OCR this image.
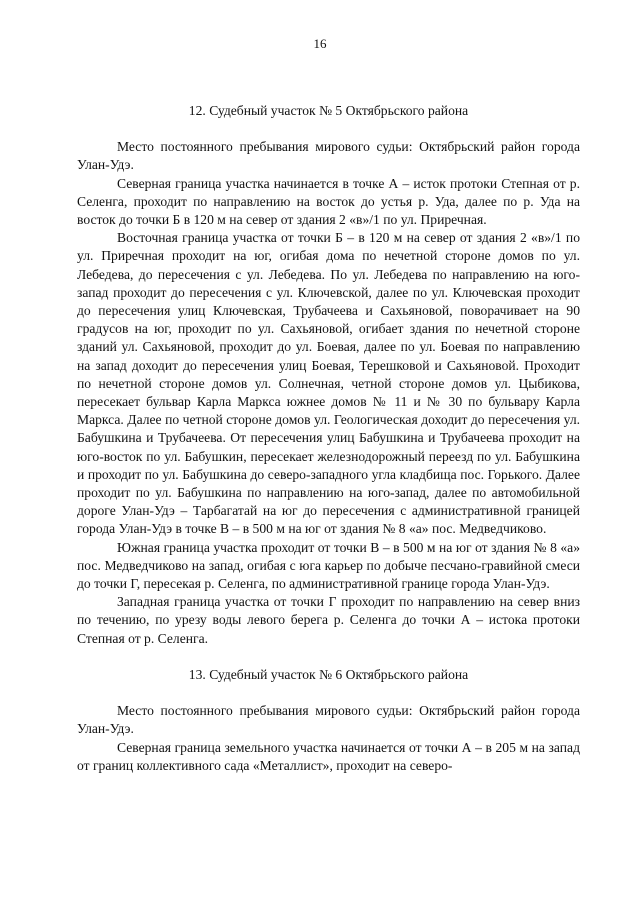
16
12. Судебный участок № 5 Октябрьского района

Место постоянного пребывания мирового судьи: Октябрьский район города Улан-Удэ.

Северная граница участка начинается в точке А – исток протоки Степная от р. Селенга, проходит по направлению на восток до устья р. Уда, далее по р. Уда на восток до точки Б в 120 м на север от здания 2 «в»/1 по ул. Приречная.

Восточная граница участка от точки Б – в 120 м на север от здания 2 «в»/1 по ул. Приречная проходит на юг, огибая дома по нечетной стороне домов по ул. Лебедева, до пересечения с ул. Лебедева. По ул. Лебедева по направлению на юго-запад проходит до пересечения с ул. Ключевской, далее по ул. Ключевская проходит до пересечения улиц Ключевская, Трубачеева и Сахьяновой, поворачивает на 90 градусов на юг, проходит по ул. Сахьяновой, огибает здания по нечетной стороне зданий ул. Сахьяновой, проходит до ул. Боевая, далее по ул. Боевая по направлению на запад доходит до пересечения улиц Боевая, Терешковой и Сахьяновой. Проходит по нечетной стороне домов ул. Солнечная, четной стороне домов ул. Цыбикова, пересекает бульвар Карла Маркса южнее домов № 11 и № 30 по бульвару Карла Маркса. Далее по четной стороне домов ул. Геологическая доходит до пересечения ул. Бабушкина и Трубачеева. От пересечения улиц Бабушкина и Трубачеева проходит на юго-восток по ул. Бабушкин, пересекает железнодорожный переезд по ул. Бабушкина и проходит по ул. Бабушкина до северо-западного угла кладбища пос. Горького. Далее проходит по ул. Бабушкина по направлению на юго-запад, далее по автомобильной дороге Улан-Удэ – Тарбагатай на юг до пересечения с административной границей города Улан-Удэ в точке В – в 500 м на юг от здания № 8 «а» пос. Медведчиково.

Южная граница участка проходит от точки В – в 500 м на юг от здания № 8 «а» пос. Медведчиково на запад, огибая с юга карьер по добыче песчано-гравийной смеси до точки Г, пересекая р. Селенга, по административной границе города Улан-Удэ.

Западная граница участка от точки Г проходит по направлению на север вниз по течению, по урезу воды левого берега р. Селенга до точки А – истока протоки Степная от р. Селенга.

13. Судебный участок № 6 Октябрьского района

Место постоянного пребывания мирового судьи: Октябрьский район города Улан-Удэ.

Северная граница земельного участка начинается от точки А – в 205 м на запад от границ коллективного сада «Металлист», проходит на северо-
